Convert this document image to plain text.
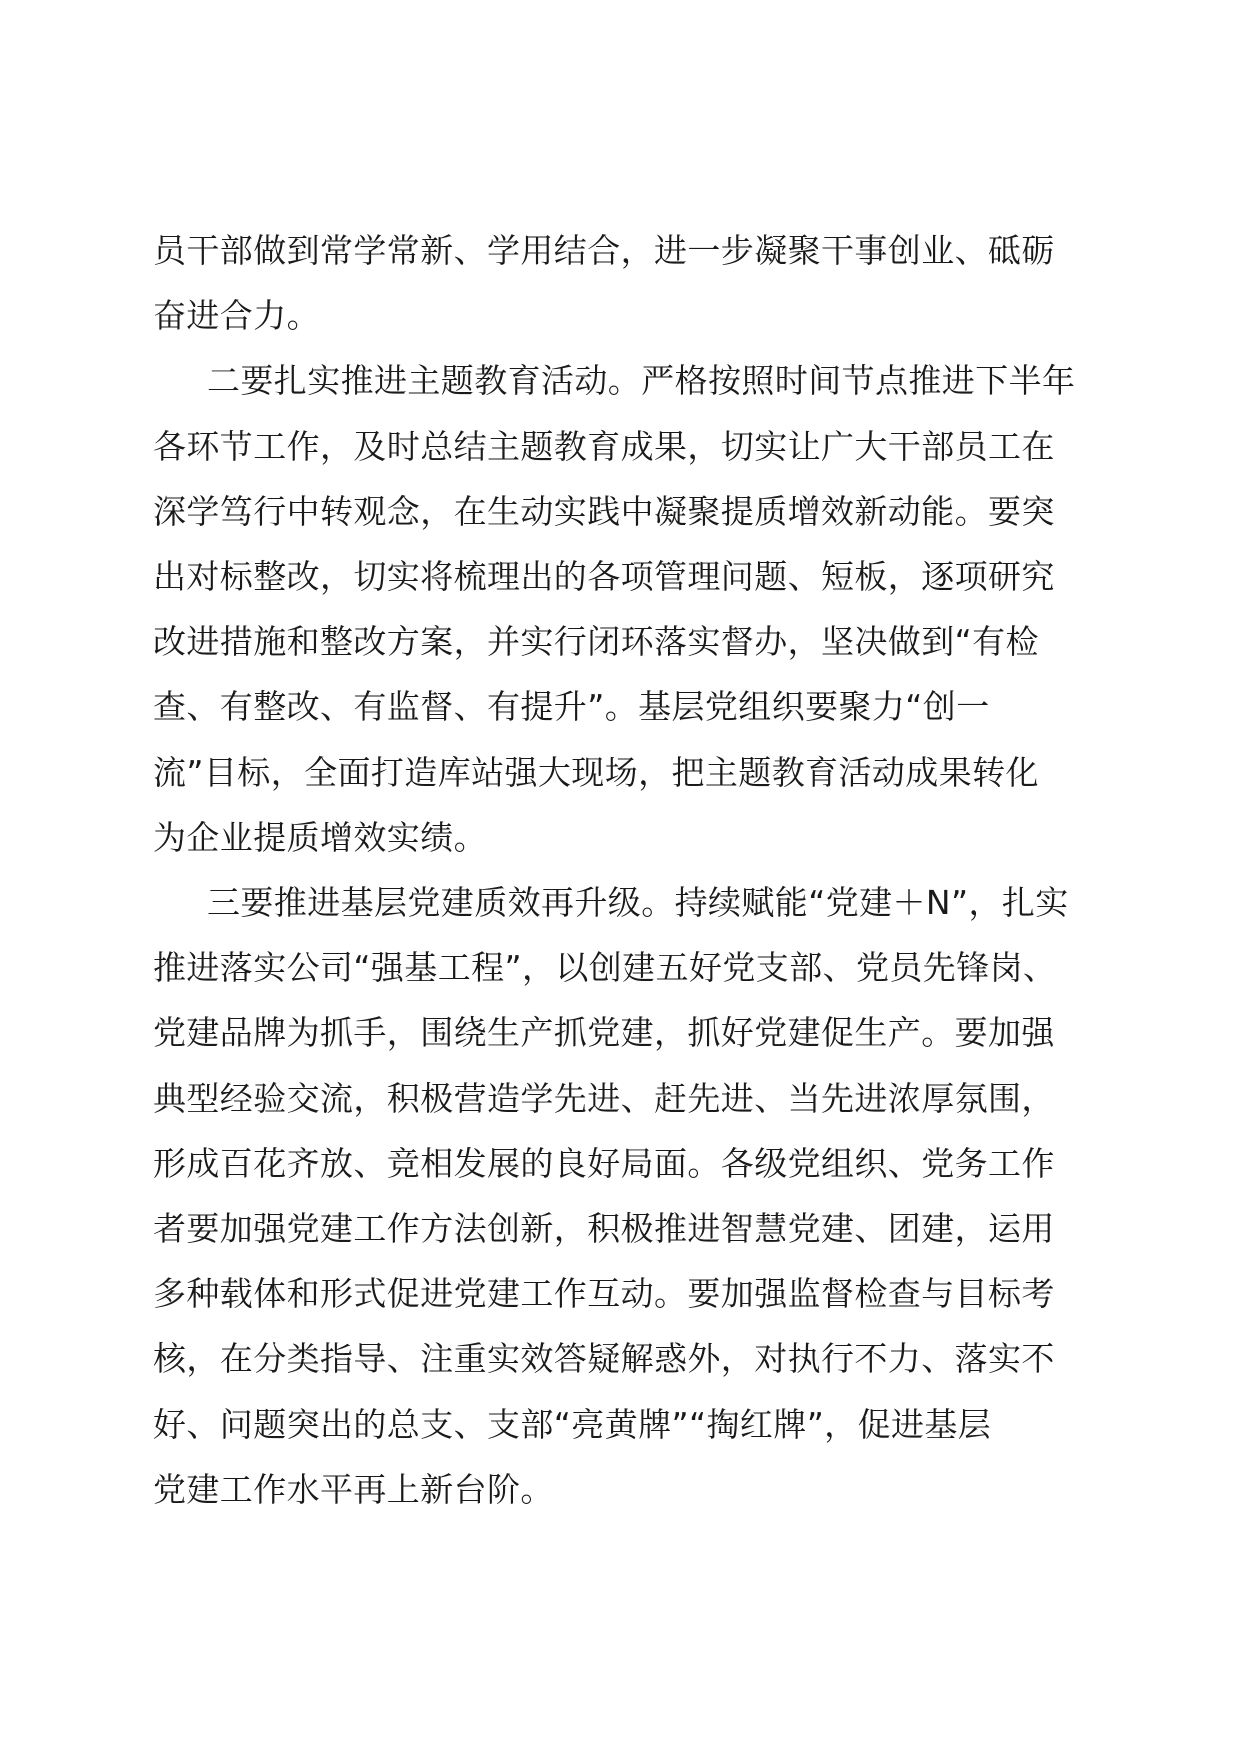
员干部做到常学常新、学用结合，进一步凝聚干事创业、砥砺
奋进合力。

二要扎实推进主题教育活动。严格按照时间节点推进下半年
各环节工作，及时总结主题教育成果，切实让广大干部员工在
深学笃行中转观念，在生动实践中凝聚提质增效新动能。要突
出对标整改，切实将梳理出的各项管理问题、短板，逐项研究
改进措施和整改方案，并实行闭环落实督办，坚决做到“有检
查、有整改、有监督、有提升”。基层党组织要聚力“创一
流”目标，全面打造库站强大现场，把主题教育活动成果转化
为企业提质增效实绩。

三要推进基层党建质效再升级。持续赋能“党建＋N”，扎实
推进落实公司“强基工程”，以创建五好党支部、党员先锋岗、
党建品牌为抓手，围绕生产抓党建，抓好党建促生产。要加强
典型经验交流，积极营造学先进、赶先进、当先进浓厚氛围，
形成百花齐放、竞相发展的良好局面。各级党组织、党务工作
者要加强党建工作方法创新，积极推进智慧党建、团建，运用
多种载体和形式促进党建工作互动。要加强监督检查与目标考
核，在分类指导、注重实效答疑解惑外，对执行不力、落实不
好、问题突出的总支、支部“亮黄牌”“掏红牌”，促进基层
党建工作水平再上新台阶。
